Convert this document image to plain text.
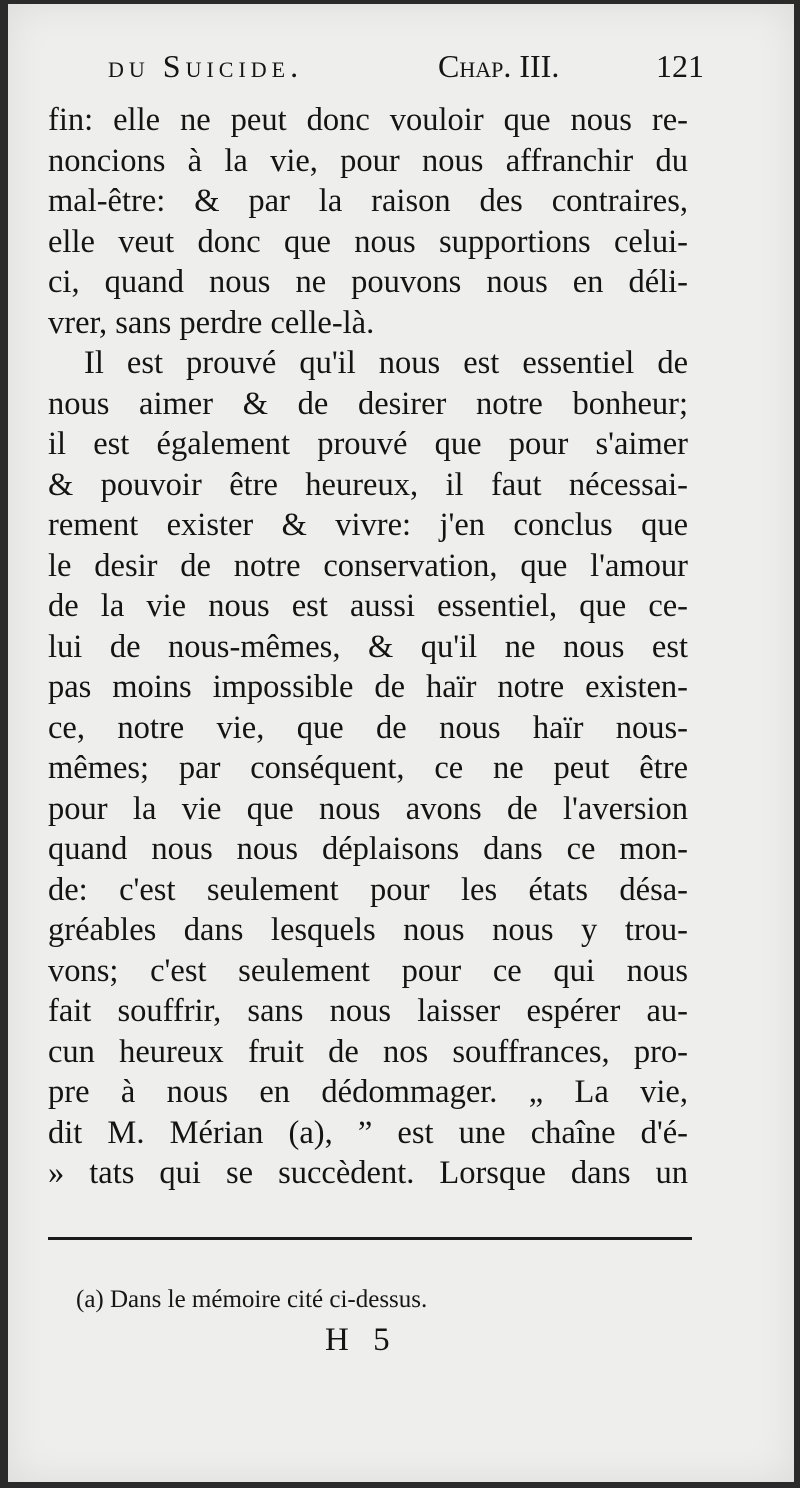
du Suicide.	Chap. III.	121
fin: elle ne peut donc vouloir que nous re-
noncions à la vie, pour nous affranchir du
mal-être: & par la raison des contraires,
elle veut donc que nous supportions celui-
ci, quand nous ne pouvons nous en déli-
vrer, sans perdre celle-là.
Il est prouvé qu'il nous est essentiel de
nous aimer & de desirer notre bonheur;
il est également prouvé que pour s'aimer
& pouvoir être heureux, il faut nécessai-
rement exister & vivre: j'en conclus que
le desir de notre conservation, que l'amour
de la vie nous est aussi essentiel, que ce-
lui de nous-mêmes, & qu'il ne nous est
pas moins impossible de haïr notre existen-
ce, notre vie, que de nous haïr nous-
mêmes; par conséquent, ce ne peut être
pour la vie que nous avons de l'aversion
quand nous nous déplaisons dans ce mon-
de: c'est seulement pour les états désa-
gréables dans lesquels nous nous y trou-
vons; c'est seulement pour ce qui nous
fait souffrir, sans nous laisser espérer au-
cun heureux fruit de nos souffrances, pro-
pre à nous en dédommager. „ La vie,
dit M. Mérian (a), ” est une chaîne d'é-
» tats qui se succèdent. Lorsque dans un
(a) Dans le mémoire cité ci-dessus.
H 5
